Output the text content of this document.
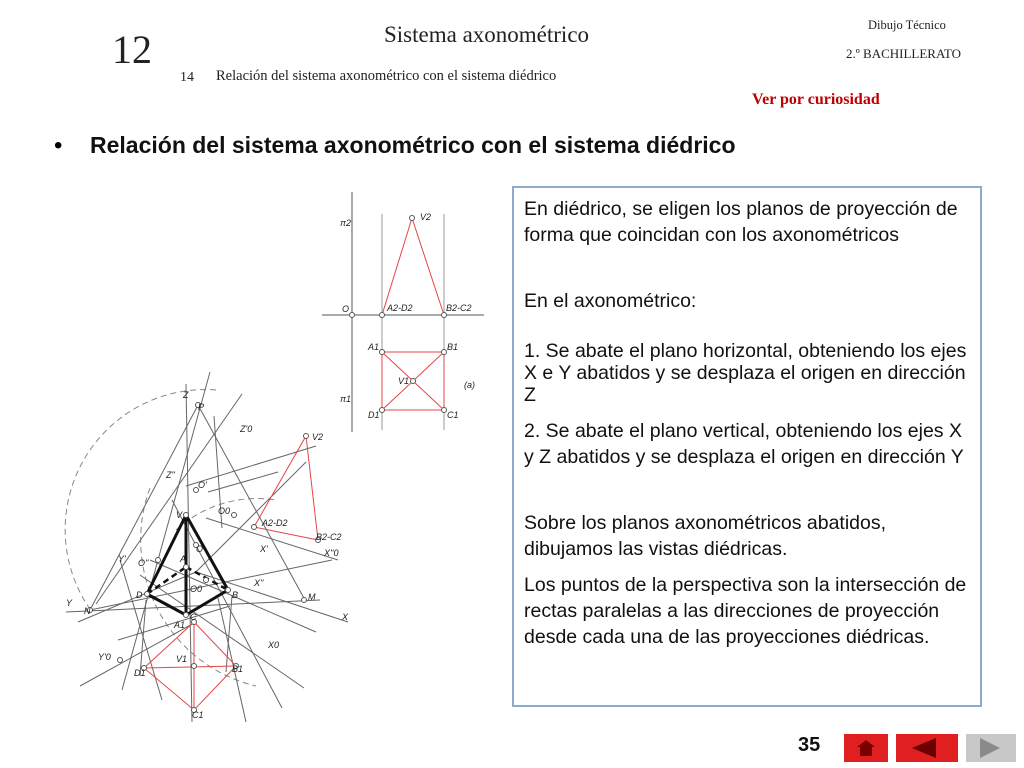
12	Sistema axonométrico
14 Relación del sistema axonométrico con el sistema diédrico
Dibujo Técnico
2.º BACHILLERATO
Ver por curiosidad
• Relación del sistema axonométrico con el sistema diédrico
π2
V2
O	A2-D2	B2-C2
A1	B1
V1	(a)
π1
D1	C1
Z
P
Z'0
V2
Z''
O'
V	O0
A2-D2
O
B2-C2
Y'
X'	X''0
O''	A
X''
O0
B	M
D
Y
N
C	X
A1
Y'0
X0
V1
D1	B1
C1

En diédrico, se eligen los planos de proyección de forma que coincidan con los axonométricos

En el axonométrico:

1. Se abate el plano horizontal, obteniendo los ejes X e Y abatidos y se desplaza el origen en dirección Z

2. Se abate el plano vertical, obteniendo los ejes X y Z abatidos y se desplaza el origen en dirección Y

Sobre los planos axonométricos abatidos, dibujamos las vistas diédricas.

Los puntos de la perspectiva son la intersección de rectas paralelas a las direcciones de proyección desde cada una de las proyecciones diédricas.

35
